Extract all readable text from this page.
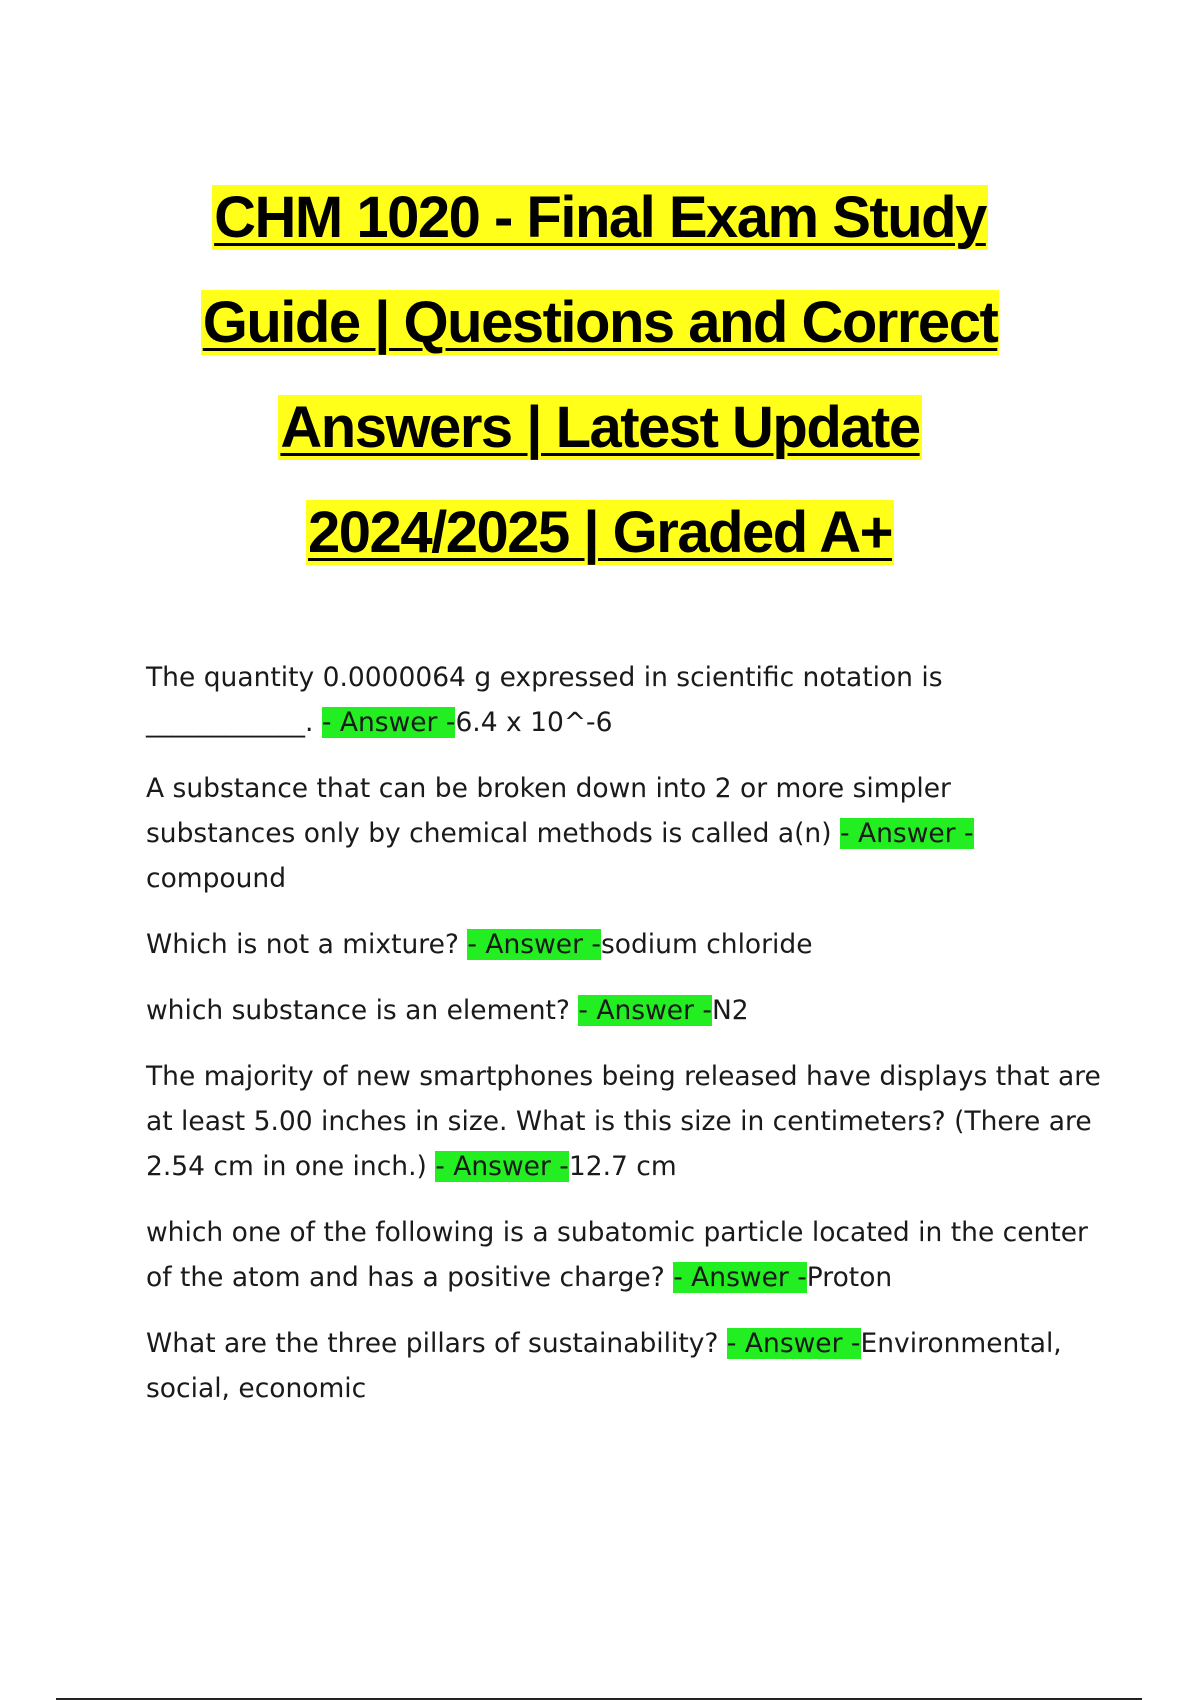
CHM 1020 - Final Exam Study
Guide | Questions and Correct
Answers | Latest Update
2024/2025 | Graded A+
The quantity 0.0000064 g expressed in scientific notation is
____________. - Answer -6.4 x 10^-6
A substance that can be broken down into 2 or more simpler substances only by chemical methods is called a(n) - Answer -compound
Which is not a mixture? - Answer -sodium chloride
which substance is an element? - Answer -N2
The majority of new smartphones being released have displays that are at least 5.00 inches in size. What is this size in centimeters? (There are 2.54 cm in one inch.) - Answer -12.7 cm
which one of the following is a subatomic particle located in the center of the atom and has a positive charge? - Answer -Proton
What are the three pillars of sustainability? - Answer -Environmental, social, economic
